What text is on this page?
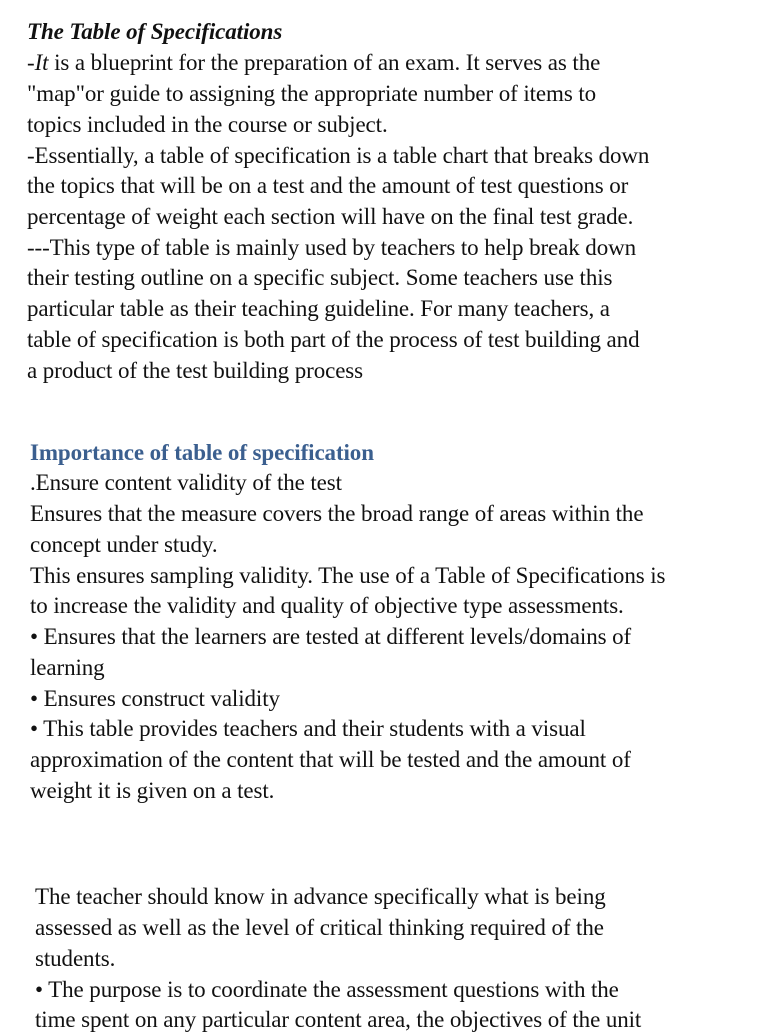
The Table of Specifications
-It is a blueprint for the preparation of an exam. It serves as the
"map"or guide to assigning the appropriate number of items to
topics included in the course or subject.
-Essentially, a table of specification is a table chart that breaks down
the topics that will be on a test and the amount of test questions or
percentage of weight each section will have on the final test grade.
---This type of table is mainly used by teachers to help break down
their testing outline on a specific subject. Some teachers use this
particular table as their teaching guideline. For many teachers, a
table of specification is both part of the process of test building and
a product of the test building process
Importance of table of specification
.Ensure content validity of the test
Ensures that the measure covers the broad range of areas within the
concept under study.
This ensures sampling validity. The use of a Table of Specifications is
to increase the validity and quality of objective type assessments.
• Ensures that the learners are tested at different levels/domains of
learning
• Ensures construct validity
• This table provides teachers and their students with a visual
approximation of the content that will be tested and the amount of
weight it is given on a test.
The teacher should know in advance specifically what is being
assessed as well as the level of critical thinking required of the
students.
• The purpose is to coordinate the assessment questions with the
time spent on any particular content area, the objectives of the unit
